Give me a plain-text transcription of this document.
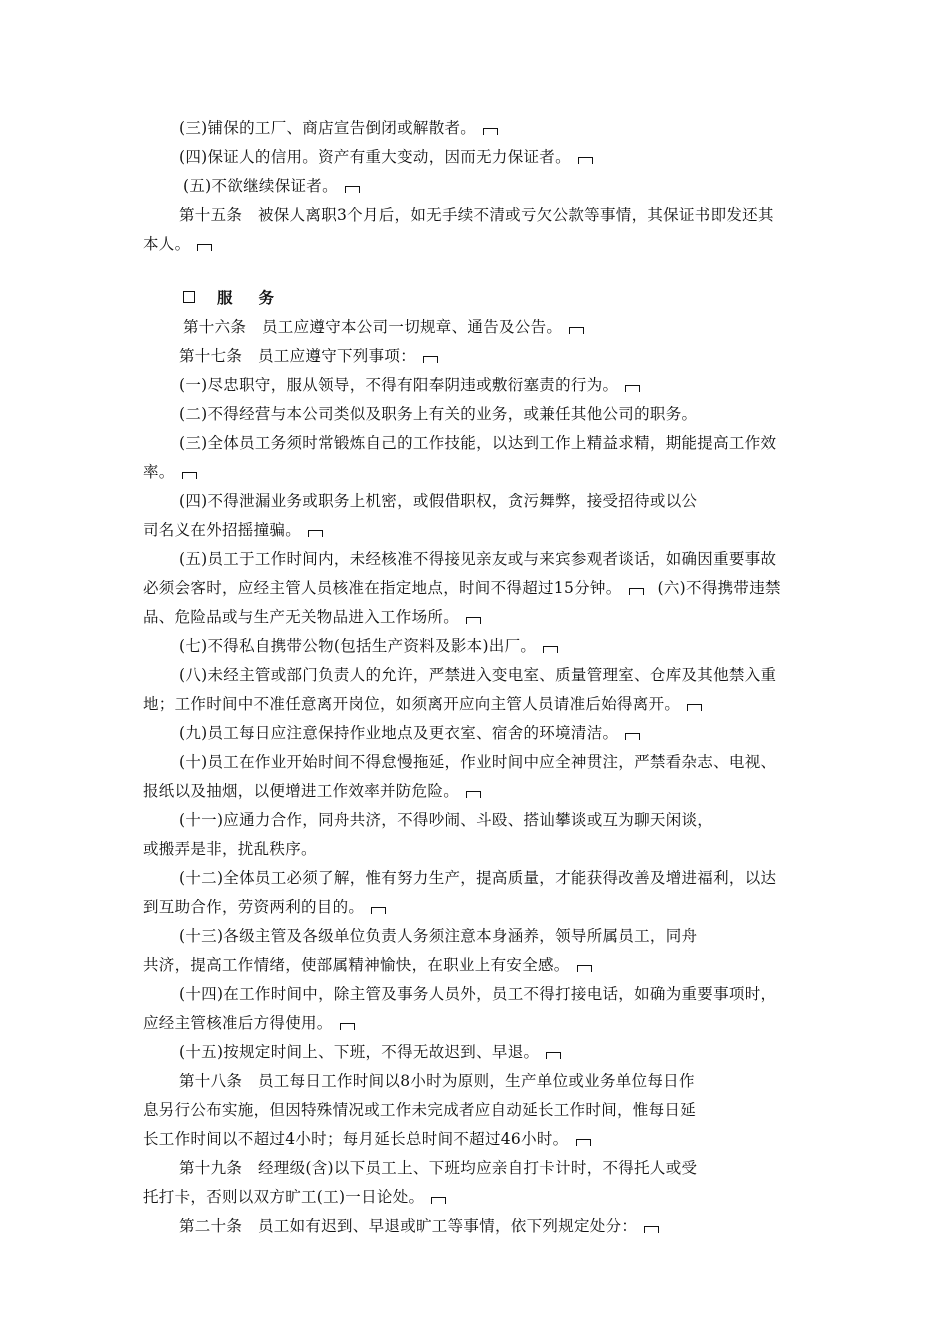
(三)铺保的工厂、商店宣告倒闭或解散者。
(四)保证人的信用。资产有重大变动，因而无力保证者。
(五)不欲继续保证者。
第十五条　被保人离职3个月后，如无手续不清或亏欠公款等事情，其保证书即发还其
本人。
服 务
第十六条　员工应遵守本公司一切规章、通告及公告。
第十七条　员工应遵守下列事项：
(一)尽忠职守，服从领导，不得有阳奉阴违或敷衍塞责的行为。
(二)不得经营与本公司类似及职务上有关的业务，或兼任其他公司的职务。
(三)全体员工务须时常锻炼自己的工作技能，以达到工作上精益求精，期能提高工作效
率。
(四)不得泄漏业务或职务上机密，或假借职权，贪污舞弊，接受招待或以公
司名义在外招摇撞骗。
(五)员工于工作时间内，未经核准不得接见亲友或与来宾参观者谈话，如确因重要事故
必须会客时，应经主管人员核准在指定地点，时间不得超过15分钟。 (六)不得携带违禁
品、危险品或与生产无关物品进入工作场所。
(七)不得私自携带公物(包括生产资料及影本)出厂。
(八)未经主管或部门负责人的允许，严禁进入变电室、质量管理室、仓库及其他禁入重
地；工作时间中不准任意离开岗位，如须离开应向主管人员请准后始得离开。
(九)员工每日应注意保持作业地点及更衣室、宿舍的环境清洁。
(十)员工在作业开始时间不得怠慢拖延，作业时间中应全神贯注，严禁看杂志、电视、
报纸以及抽烟，以便增进工作效率并防危险。
(十一)应通力合作，同舟共济，不得吵闹、斗殴、搭讪攀谈或互为聊天闲谈，
或搬弄是非，扰乱秩序。
(十二)全体员工必须了解，惟有努力生产，提高质量，才能获得改善及增进福利，以达
到互助合作，劳资两利的目的。
(十三)各级主管及各级单位负责人务须注意本身涵养，领导所属员工，同舟
共济，提高工作情绪，使部属精神愉快，在职业上有安全感。
(十四)在工作时间中，除主管及事务人员外，员工不得打接电话，如确为重要事项时，
应经主管核准后方得使用。
(十五)按规定时间上、下班，不得无故迟到、早退。
第十八条　员工每日工作时间以8小时为原则，生产单位或业务单位每日作
息另行公布实施，但因特殊情况或工作未完成者应自动延长工作时间，惟每日延
长工作时间以不超过4小时；每月延长总时间不超过46小时。
第十九条　经理级(含)以下员工上、下班均应亲自打卡计时，不得托人或受
托打卡，否则以双方旷工(工)一日论处。
第二十条　员工如有迟到、早退或旷工等事情，依下列规定处分：
